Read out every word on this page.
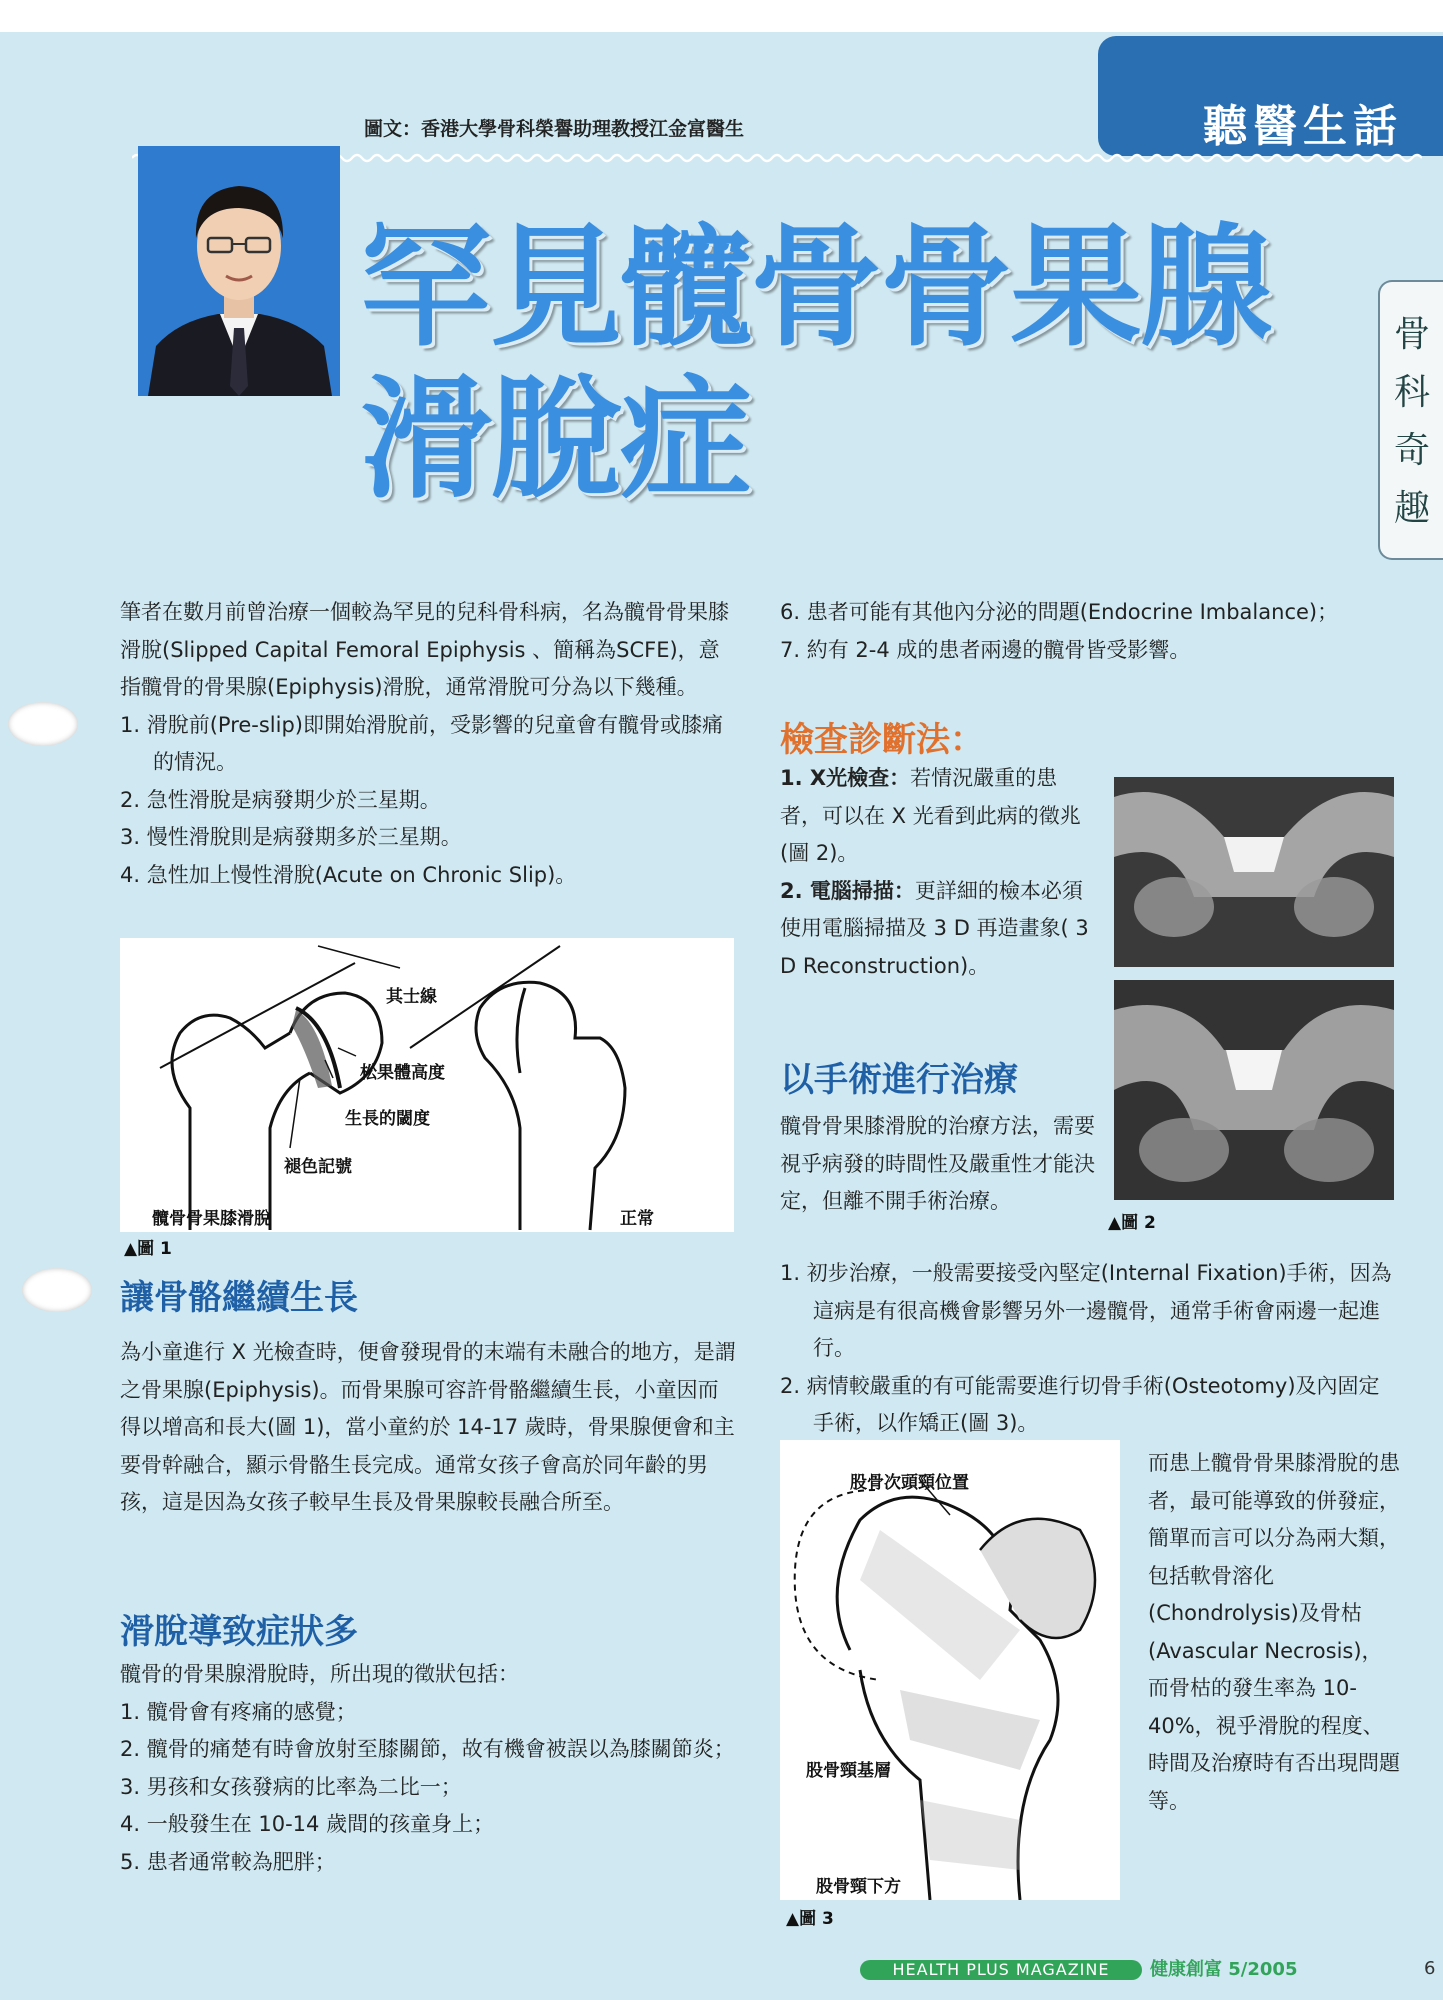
聽醫生話
圖文：香港大學骨科榮譽助理教授江金富醫生
罕見髖骨骨果腺
滑脫症
骨科奇趣

筆者在數月前曾治療一個較為罕見的兒科骨科病，名為髖骨骨果膝滑脫(Slipped Capital Femoral Epiphysis 、簡稱為SCFE)，意指髖骨的骨果腺(Epiphysis)滑脫，通常滑脫可分為以下幾種。

1. 滑脫前(Pre-slip)即開始滑脫前，受影響的兒童會有髖骨或膝痛的情況。

2. 急性滑脫是病發期少於三星期。

3. 慢性滑脫則是病發期多於三星期。

4. 急性加上慢性滑脫(Acute on Chronic Slip)。

其士線
松果體高度
生長的閾度
褪色記號
髖骨骨果膝滑脫	正常
▲圖 1
讓骨骼繼續生長

為小童進行 X 光檢查時，便會發現骨的末端有未融合的地方，是謂之骨果腺(Epiphysis)。而骨果腺可容許骨骼繼續生長，小童因而得以增高和長大(圖 1)，當小童約於 14-17 歲時，骨果腺便會和主要骨幹融合，顯示骨骼生長完成。通常女孩子會高於同年齡的男孩，這是因為女孩子較早生長及骨果腺較長融合所至。

滑脫導致症狀多

髖骨的骨果腺滑脫時，所出現的徵狀包括：

1. 髖骨會有疼痛的感覺；

2. 髖骨的痛楚有時會放射至膝關節，故有機會被誤以為膝關節炎；

3. 男孩和女孩發病的比率為二比一；

4. 一般發生在 10-14 歲間的孩童身上；

5. 患者通常較為肥胖；

6. 患者可能有其他內分泌的問題(Endocrine Imbalance)；

7. 約有 2-4 成的患者兩邊的髖骨皆受影響。

檢查診斷法：

1. X光檢查：若情況嚴重的患者，可以在 X 光看到此病的徵兆(圖 2)。

2. 電腦掃描：更詳細的檢本必須使用電腦掃描及 3 D 再造畫象( 3 D Reconstruction)。

▲圖 2
以手術進行治療

髖骨骨果膝滑脫的治療方法，需要視乎病發的時間性及嚴重性才能決定，但離不開手術治療。

1. 初步治療，一般需要接受內堅定(Internal Fixation)手術，因為這病是有很高機會影響另外一邊髖骨，通常手術會兩邊一起進行。

2. 病情較嚴重的有可能需要進行切骨手術(Osteotomy)及內固定手術，以作矯正(圖 3)。

股骨次頭頸位置
股骨頸基層
股骨頸下方
▲圖 3

而患上髖骨骨果膝滑脫的患者，最可能導致的併發症，簡單而言可以分為兩大類，包括軟骨溶化(Chondrolysis)及骨枯(Avascular Necrosis)，而骨枯的發生率為 10-40%，視乎滑脫的程度、時間及治療時有否出現問題等。

HEALTH PLUS MAGAZINE	健康創富 5/2005	6
